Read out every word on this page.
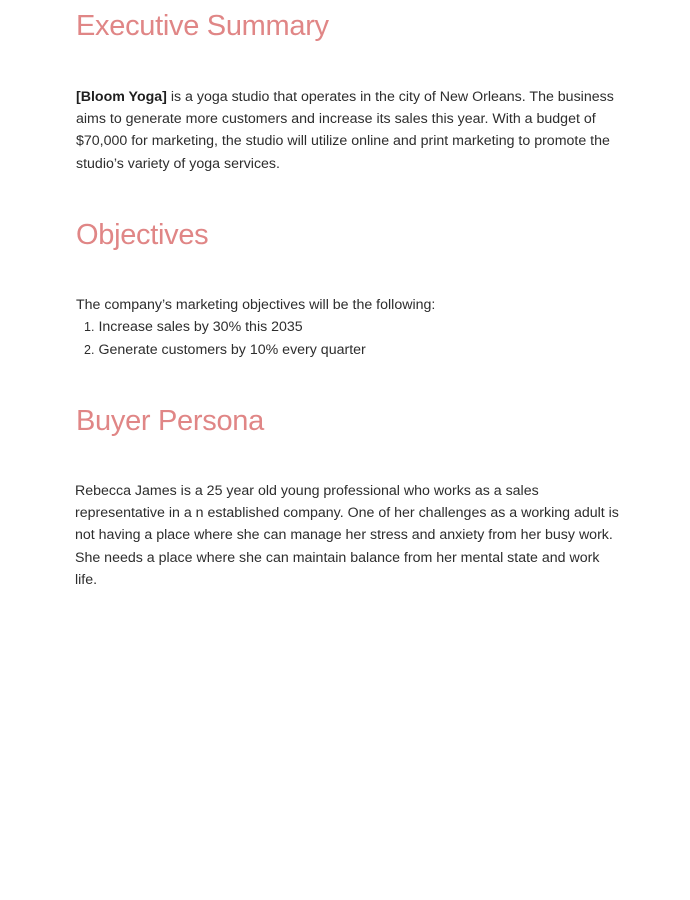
Executive Summary

[Bloom Yoga] is a yoga studio that operates in the city of New Orleans. The business aims to generate more customers and increase its sales this year. With a budget of $70,000 for marketing, the studio will utilize online and print marketing to promote the studio’s variety of yoga services.

Objectives

The company’s marketing objectives will be the following:

1. Increase sales by 30% this 2035
2. Generate customers by 10% every quarter
Buyer Persona

Rebecca James is a 25 year old young professional who works as a sales representative in a n established company. One of her challenges as a working adult is not having a place where she can manage her stress and anxiety from her busy work. She needs a place where she can maintain balance from her mental state and work life.
